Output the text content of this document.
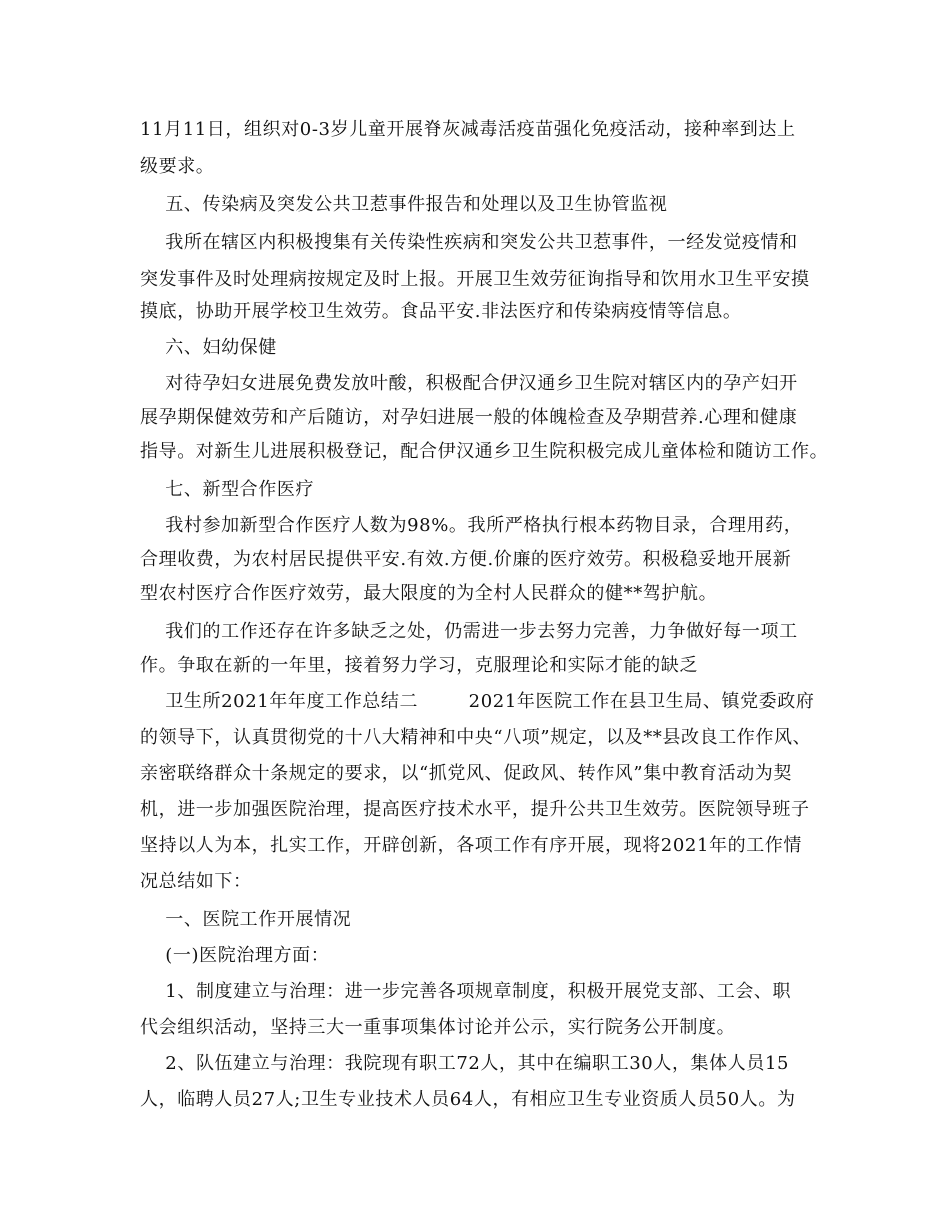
11月11日，组织对0-3岁儿童开展脊灰减毒活疫苗强化免疫活动，接种率到达上
级要求。
五、传染病及突发公共卫惹事件报告和处理以及卫生协管监视
我所在辖区内积极搜集有关传染性疾病和突发公共卫惹事件，一经发觉疫情和
突发事件及时处理病按规定及时上报。开展卫生效劳征询指导和饮用水卫生平安摸
摸底，协助开展学校卫生效劳。食品平安.非法医疗和传染病疫情等信息。
六、妇幼保健
对待孕妇女进展免费发放叶酸，积极配合伊汉通乡卫生院对辖区内的孕产妇开
展孕期保健效劳和产后随访，对孕妇进展一般的体魄检查及孕期营养.心理和健康
指导。对新生儿进展积极登记，配合伊汉通乡卫生院积极完成儿童体检和随访工作。
七、新型合作医疗
我村参加新型合作医疗人数为98%。我所严格执行根本药物目录，合理用药，
合理收费，为农村居民提供平安.有效.方便.价廉的医疗效劳。积极稳妥地开展新
型农村医疗合作医疗效劳，最大限度的为全村人民群众的健**驾护航。
我们的工作还存在许多缺乏之处，仍需进一步去努力完善，力争做好每一项工
作。争取在新的一年里，接着努力学习，克服理论和实际才能的缺乏
卫生所2021年年度工作总结二        2021年医院工作在县卫生局、镇党委政府
的领导下，认真贯彻党的十八大精神和中央“八项”规定，以及**县改良工作作风、
亲密联络群众十条规定的要求，以“抓党风、促政风、转作风”集中教育活动为契
机，进一步加强医院治理，提高医疗技术水平，提升公共卫生效劳。医院领导班子
坚持以人为本，扎实工作，开辟创新，各项工作有序开展，现将2021年的工作情
况总结如下：
一、医院工作开展情况
(一)医院治理方面：
1、制度建立与治理：进一步完善各项规章制度，积极开展党支部、工会、职
代会组织活动，坚持三大一重事项集体讨论并公示，实行院务公开制度。
2、队伍建立与治理：我院现有职工72人，其中在编职工30人，集体人员15
人，临聘人员27人;卫生专业技术人员64人，有相应卫生专业资质人员50人。为
